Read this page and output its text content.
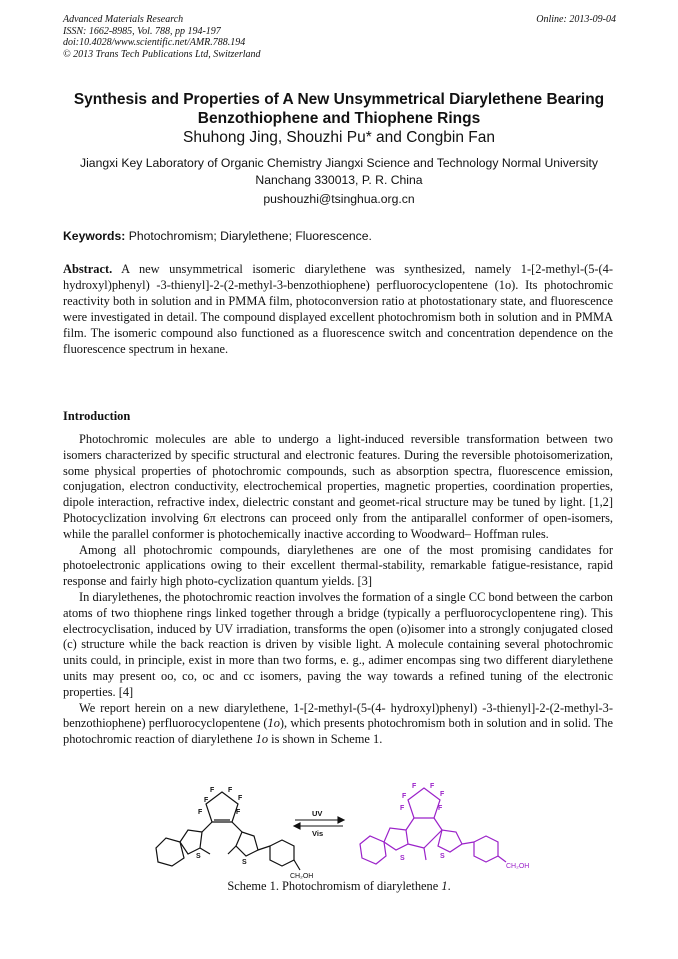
Advanced Materials Research
ISSN: 1662-8985, Vol. 788, pp 194-197
doi:10.4028/www.scientific.net/AMR.788.194
© 2013 Trans Tech Publications Ltd, Switzerland
Online: 2013-09-04
Synthesis and Properties of A New Unsymmetrical Diarylethene Bearing
Benzothiophene and Thiophene Rings
Shuhong Jing, Shouzhi Pu* and Congbin Fan
Jiangxi Key Laboratory of Organic Chemistry Jiangxi Science and Technology Normal University
Nanchang 330013, P. R. China
pushouzhi@tsinghua.org.cn
Keywords: Photochromism; Diarylethene; Fluorescence.
Abstract. A new unsymmetrical isomeric diarylethene was synthesized, namely 1-[2-methyl-(5-(4- hydroxyl)phenyl) -3-thienyl]-2-(2-methyl-3-benzothiophene) perfluorocyclopentene (1o). Its photochromic reactivity both in solution and in PMMA film, photoconversion ratio at photostationary state, and fluorescence were investigated in detail. The compound displayed excellent photochromism both in solution and in PMMA film. The isomeric compound also functioned as a fluorescence switch and concentration dependence on the fluorescence spectrum in hexane.
Introduction

Photochromic molecules are able to undergo a light-induced reversible transformation between two isomers characterized by specific structural and electronic features. During the reversible photoisomerization, some physical properties of photochromic compounds, such as absorption spectra, fluorescence emission, conjugation, electron conductivity, electrochemical properties, magnetic properties, coordination properties, dipole interaction, refractive index, dielectric constant and geomet-rical structure may be tuned by light. [1,2] Photocyclization involving 6π electrons can proceed only from the antiparallel conformer of open-isomers, while the parallel conformer is photochemically inactive according to Woodward– Hoffman rules.

Among all photochromic compounds, diarylethenes are one of the most promising candidates for photoelectronic applications owing to their excellent thermal-stability, remarkable fatigue-resistance, rapid response and fairly high photo-cyclization quantum yields. [3]

In diarylethenes, the photochromic reaction involves the formation of a single CC bond between the carbon atoms of two thiophene rings linked together through a bridge (typically a perfluorocyclopentene ring). This electrocyclisation, induced by UV irradiation, transforms the open (o)isomer into a strongly conjugated closed (c) structure while the back reaction is driven by visible light. A molecule containing several photochromic units could, in principle, exist in more than two forms, e. g., adimer encompas sing two different diarylethene units may present oo, co, oc and cc isomers, paving the way towards a refined tuning of the electronic properties. [4]

We report herein on a new diarylethene, 1-[2-methyl-(5-(4- hydroxyl)phenyl) -3-thienyl]-2-(2-methyl-3-benzothiophene) perfluorocyclopentene (1o), which presents photochromism both in solution and in solid. The photochromic reaction of diarylethene 1o is shown in Scheme 1.

F
F
F
F
F
F
S
S
CH₂OH
UV
Vis
F
F
F
F
F
F
S	S
CH₂OH
Scheme 1. Photochromism of diarylethene 1.
